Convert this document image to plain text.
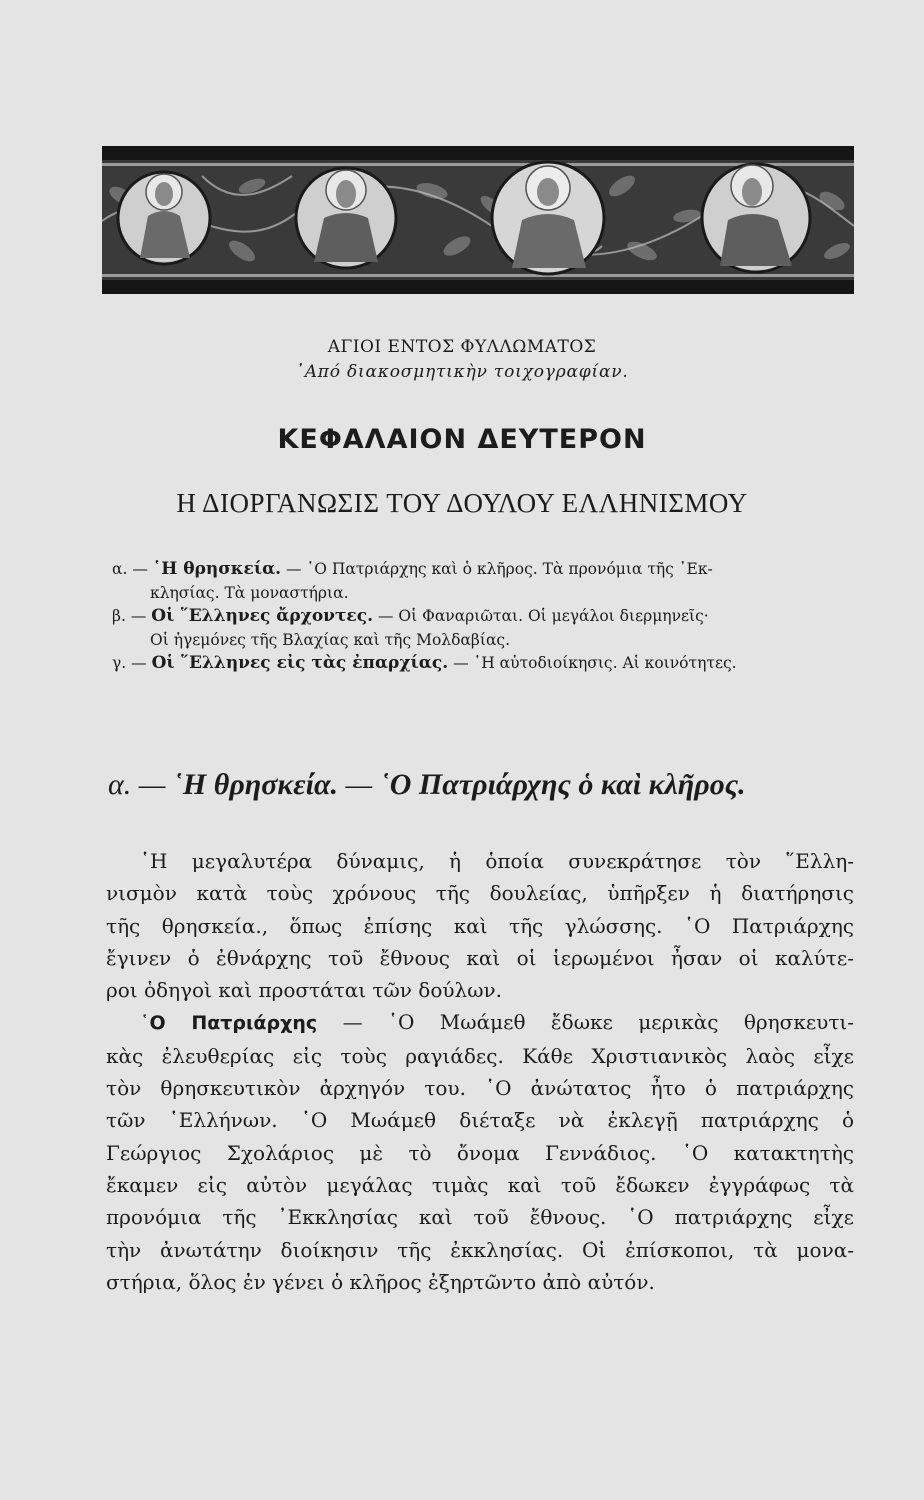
ΑΓΙΟΙ ΕΝΤΟΣ ΦΥΛΛΩΜΑΤΟΣ
᾿Από διακοσμητικὴν τοιχογραφίαν.
ΚΕΦΑΛΑΙΟΝ ΔΕΥΤΕΡΟΝ
Η ΔΙΟΡΓΑΝΩΣΙΣ ΤΟΥ ΔΟΥΛΟΥ ΕΛΛΗΝΙΣΜΟΥ
α. — ῾Η θρησκεία. — ῾Ο Πατριάρχης καὶ ὁ κλῆρος. Τὰ προνόμια τῆς ᾿Εκ-
κλησίας. Τὰ μοναστήρια.
β. — Οἱ ῞Ελληνες ἄρχοντες. — Οἱ Φαναριῶται. Οἱ μεγάλοι διερμηνεῖς·
Οἱ ἡγεμόνες τῆς Βλαχίας καὶ τῆς Μολδαβίας.
γ. — Οἱ ῞Ελληνες εἰς τὰς ἐπαρχίας. — ῾Η αὐτοδιοίκησις. Αἱ κοινότητες.
α. — ῾Η θρησκεία. — ῾Ο Πατριάρχης ὁ καὶ κλῆρος.
῾Η μεγαλυτέρα δύναμις, ἡ ὁποία συνεκράτησε τὸν ῞Ελλη-
νισμὸν κατὰ τοὺς χρόνους τῆς δουλείας, ὑπῆρξεν ἡ διατήρησις
τῆς θρησκεία., ὅπως ἐπίσης καὶ τῆς γλώσσης. ῾Ο Πατριάρχης
ἔγινεν ὁ ἐθνάρχης τοῦ ἔθνους καὶ οἱ ἱερωμένοι ἦσαν οἱ καλύτε-
ροι ὁδηγοὶ καὶ προστάται τῶν δούλων.
῾Ο Πατριάρχης — ῾Ο Μωάμεθ ἔδωκε μερικὰς θρησκευτι-
κὰς ἐλευθερίας εἰς τοὺς ραγιάδες. Κάθε Χριστιανικὸς λαὸς εἶχε
τὸν θρησκευτικὸν ἀρχηγόν του. ῾Ο ἀνώτατος ἦτο ὁ πατριάρχης
τῶν ῾Ελλήνων. ῾Ο Μωάμεθ διέταξε νὰ ἐκλεγῇ πατριάρχης ὁ
Γεώργιος Σχολάριος μὲ τὸ ὄνομα Γεννάδιος. ῾Ο κατακτητὴς
ἔκαμεν εἰς αὐτὸν μεγάλας τιμὰς καὶ τοῦ ἔδωκεν ἐγγράφως τὰ
προνόμια τῆς ᾿Εκκλησίας καὶ τοῦ ἔθνους. ῾Ο πατριάρχης εἶχε
τὴν ἀνωτάτην διοίκησιν τῆς ἐκκλησίας. Οἱ ἐπίσκοποι, τὰ μονα-
στήρια, ὅλος ἐν γένει ὁ κλῆρος ἐξηρτῶντο ἀπὸ αὐτόν.
